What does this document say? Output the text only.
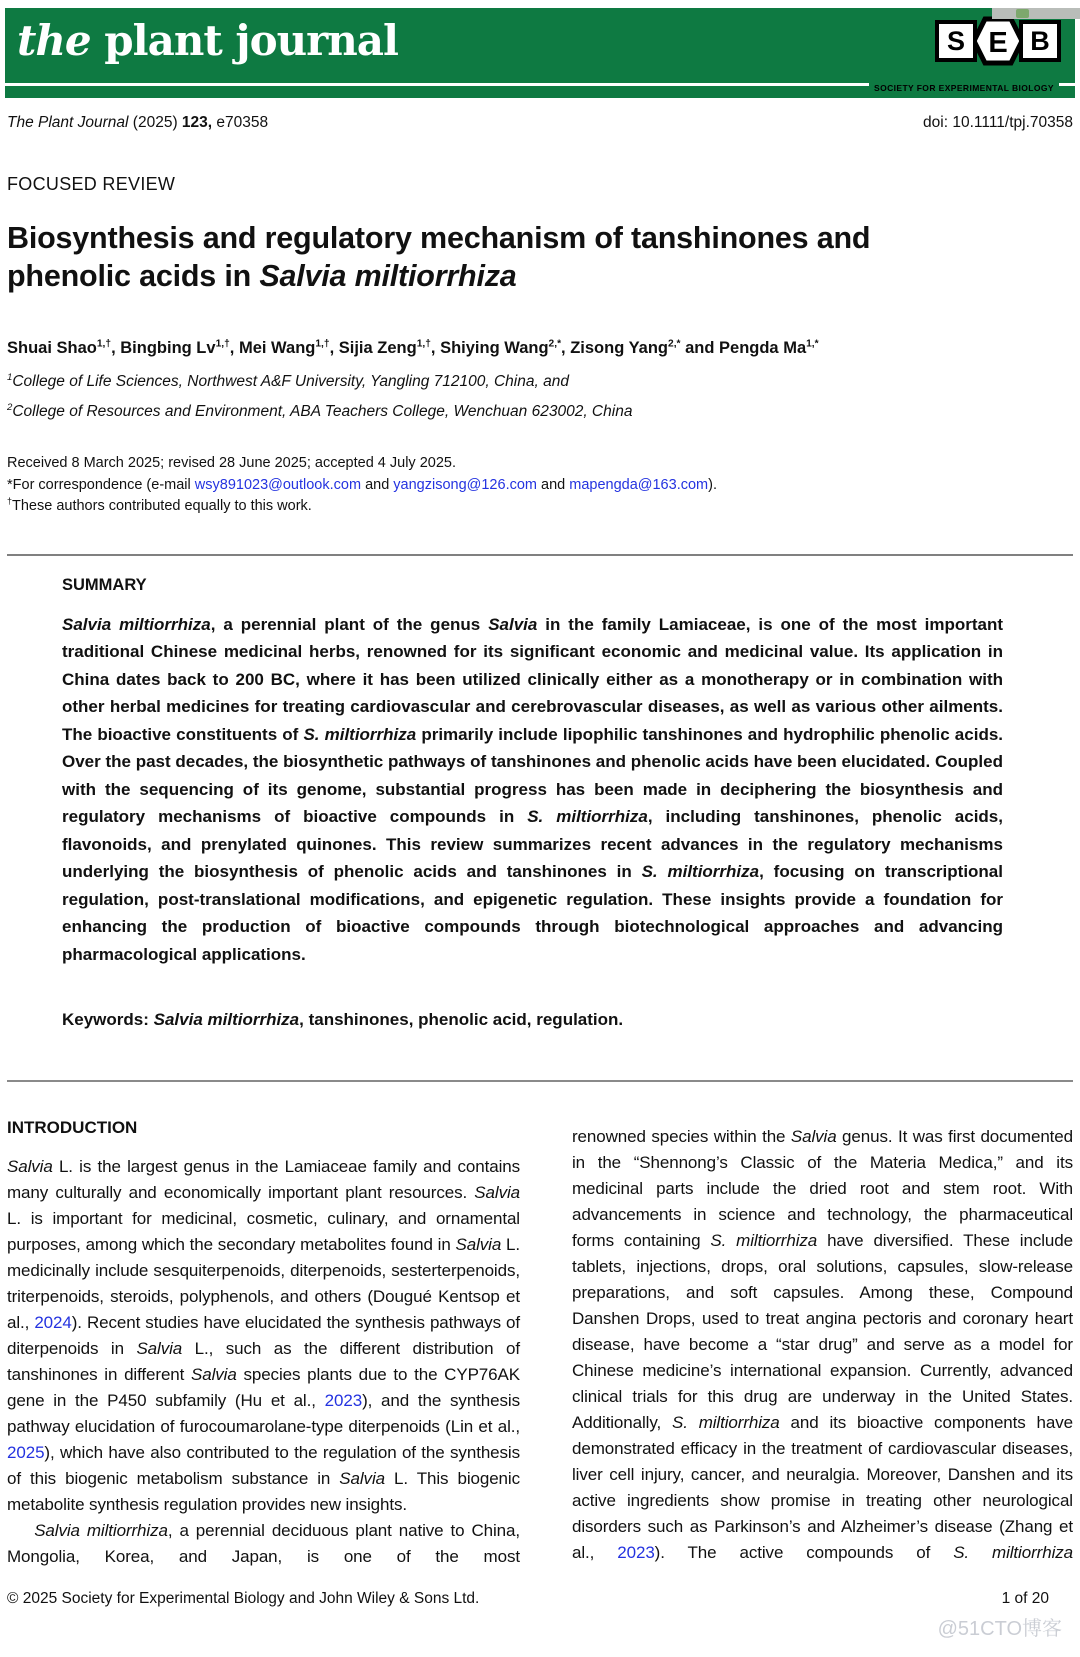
the plant journal	S E B
SOCIETY FOR EXPERIMENTAL BIOLOGY
The Plant Journal (2025) 123, e70358	doi: 10.1111/tpj.70358
FOCUSED REVIEW
Biosynthesis and regulatory mechanism of tanshinones and
phenolic acids in Salvia miltiorrhiza
Shuai Shao$^{1,\dagger}$, Bingbing $Lv^{1,\dagger}$, Mei Wang$^{1,\dagger}$, Sijia Zeng$^{1,\dagger}$, Shiying Wang$^{2,*}$, Zisong Yang$^{2,*}$ and Pengda $Ma^{1,*}$
$^1$College of Life Sciences, Northwest A&F University, Yangling 712100, China, and
$^2$College of Resources and Environment, ABA Teachers College, Wenchuan 623002, China
Received 8 March 2025; revised 28 June 2025; accepted 4 July 2025.
*For correspondence (e-mail wsy891023@outlook.com and yangzisong@126.com and mapengda@163.com).
†These authors contributed equally to this work.
SUMMARY

Salvia miltiorrhiza, a perennial plant of the genus Salvia in the family Lamiaceae, is one of the most important traditional Chinese medicinal herbs, renowned for its significant economic and medicinal value. Its application in China dates back to 200 BC, where it has been utilized clinically either as a monotherapy or in combination with other herbal medicines for treating cardiovascular and cerebrovascular diseases, as well as various other ailments. The bioactive constituents of S. miltiorrhiza primarily include lipophilic tanshinones and hydrophilic phenolic acids. Over the past decades, the biosynthetic pathways of tanshinones and phenolic acids have been elucidated. Coupled with the sequencing of its genome, substantial progress has been made in deciphering the biosynthesis and regulatory mechanisms of bioactive compounds in S. miltiorrhiza, including tanshinones, phenolic acids, flavonoids, and prenylated quinones. This review summarizes recent advances in the regulatory mechanisms underlying the biosynthesis of phenolic acids and tanshinones in S. miltiorrhiza, focusing on transcriptional regulation, post-translational modifications, and epigenetic regulation. These insights provide a foundation for enhancing the production of bioactive compounds through biotechnological approaches and advancing pharmacological applications.

Keywords: Salvia miltiorrhiza, tanshinones, phenolic acid, regulation.
INTRODUCTION

Salvia L. is the largest genus in the Lamiaceae family and contains many culturally and economically important plant resources. Salvia L. is important for medicinal, cosmetic, culinary, and ornamental purposes, among which the secondary metabolites found in Salvia L. medicinally include sesquiterpenoids, diterpenoids, sesterterpenoids, triterpenoids, steroids, polyphenols, and others (Dougué Kentsop et al., 2024). Recent studies have elucidated the synthesis pathways of diterpenoids in Salvia L., such as the different distribution of tanshinones in different Salvia species plants due to the CYP76AK gene in the P450 subfamily (Hu et al., 2023), and the synthesis pathway elucidation of furocoumarolane-type diterpenoids (Lin et al., 2025), which have also contributed to the regulation of the synthesis of this biogenic metabolism substance in Salvia L. This biogenic metabolite synthesis regulation provides new insights.

Salvia miltiorrhiza, a perennial deciduous plant native to China, Mongolia, Korea, and Japan, is one of the most

renowned species within the Salvia genus. It was first documented in the “Shennong’s Classic of the Materia Medica,” and its medicinal parts include the dried root and stem root. With advancements in science and technology, the pharmaceutical forms containing S. miltiorrhiza have diversified. These include tablets, injections, drops, oral solutions, capsules, slow-release preparations, and soft capsules. Among these, Compound Danshen Drops, used to treat angina pectoris and coronary heart disease, have become a “star drug” and serve as a model for Chinese medicine’s international expansion. Currently, advanced clinical trials for this drug are underway in the United States. Additionally, S. miltiorrhiza and its bioactive components have demonstrated efficacy in the treatment of cardiovascular diseases, liver cell injury, cancer, and neuralgia. Moreover, Danshen and its active ingredients show promise in treating other neurological disorders such as Parkinson’s and Alzheimer’s disease (Zhang et al., 2023). The active compounds of S. miltiorrhiza

© 2025 Society for Experimental Biology and John Wiley & Sons Ltd.	1 of 20
@51CTO博客
